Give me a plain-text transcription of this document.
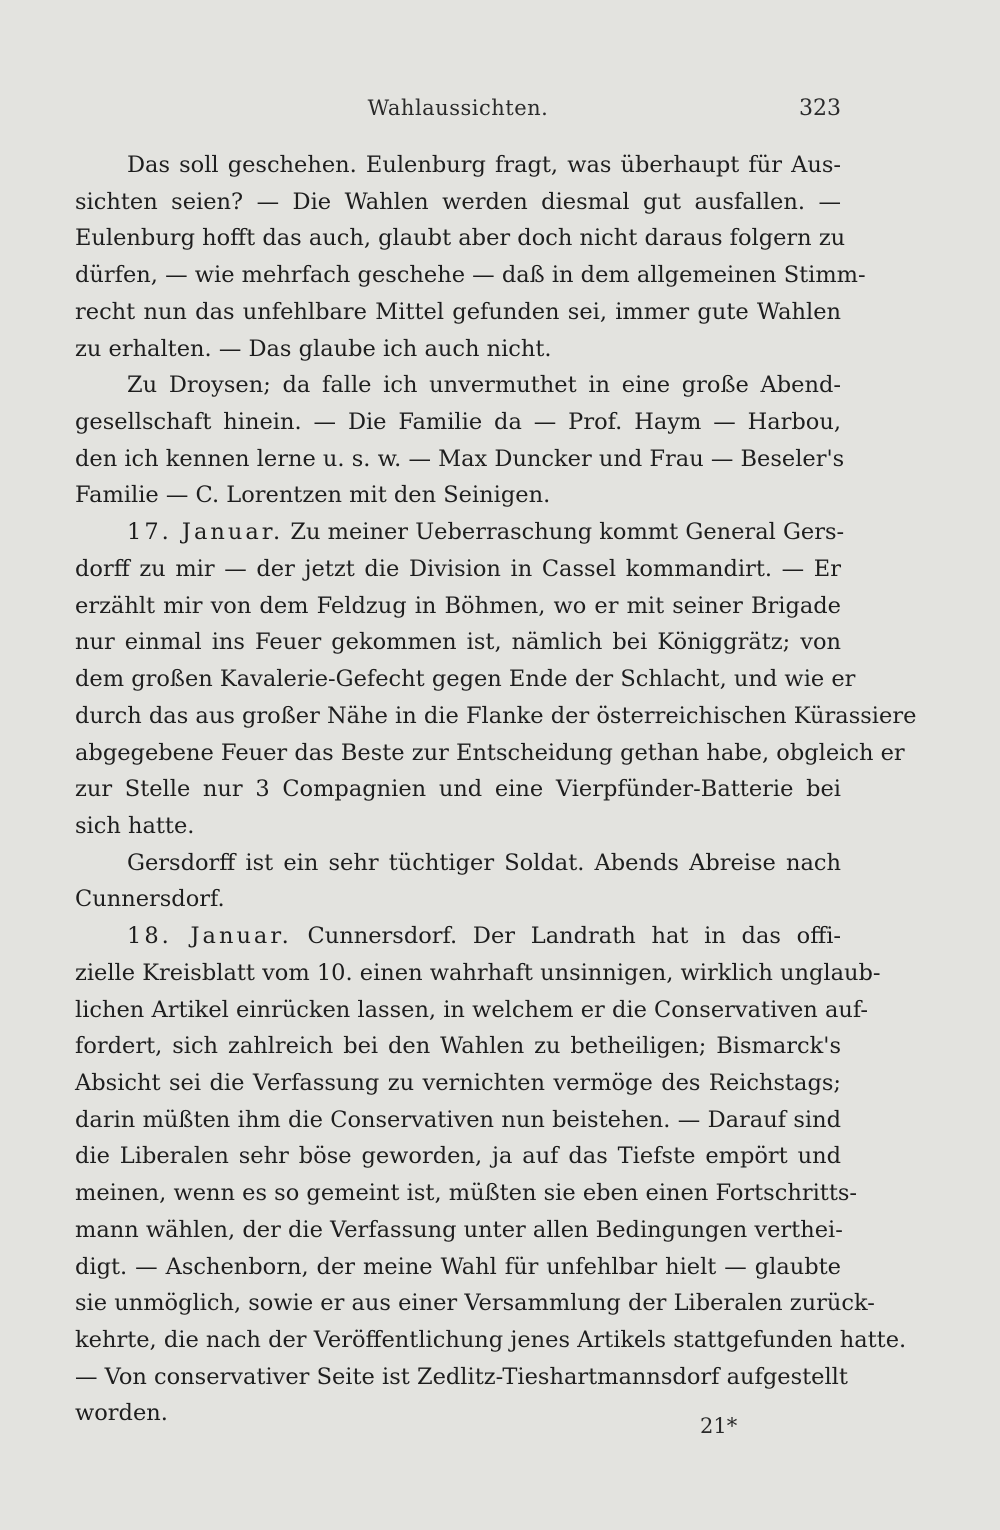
Wahlaussichten.	323
Das soll geschehen. Eulenburg fragt, was überhaupt für Aus-
sichten seien? — Die Wahlen werden diesmal gut ausfallen. —
Eulenburg hofft das auch, glaubt aber doch nicht daraus folgern zu
dürfen, — wie mehrfach geschehe — daß in dem allgemeinen Stimm-
recht nun das unfehlbare Mittel gefunden sei, immer gute Wahlen
zu erhalten. — Das glaube ich auch nicht.
Zu Droysen; da falle ich unvermuthet in eine große Abend-
gesellschaft hinein. — Die Familie da — Prof. Haym — Harbou,
den ich kennen lerne u. s. w. — Max Duncker und Frau — Beseler's
Familie — C. Lorentzen mit den Seinigen.
17. Januar. Zu meiner Ueberraschung kommt General Gers-
dorff zu mir — der jetzt die Division in Cassel kommandirt. — Er
erzählt mir von dem Feldzug in Böhmen, wo er mit seiner Brigade
nur einmal ins Feuer gekommen ist, nämlich bei Königgrätz; von
dem großen Kavalerie-Gefecht gegen Ende der Schlacht, und wie er
durch das aus großer Nähe in die Flanke der österreichischen Kürassiere
abgegebene Feuer das Beste zur Entscheidung gethan habe, obgleich er
zur Stelle nur 3 Compagnien und eine Vierpfünder-Batterie bei
sich hatte.
Gersdorff ist ein sehr tüchtiger Soldat. Abends Abreise nach
Cunnersdorf.
18. Januar. Cunnersdorf. Der Landrath hat in das offi-
zielle Kreisblatt vom 10. einen wahrhaft unsinnigen, wirklich unglaub-
lichen Artikel einrücken lassen, in welchem er die Conservativen auf-
fordert, sich zahlreich bei den Wahlen zu betheiligen; Bismarck's
Absicht sei die Verfassung zu vernichten vermöge des Reichstags;
darin müßten ihm die Conservativen nun beistehen. — Darauf sind
die Liberalen sehr böse geworden, ja auf das Tiefste empört und
meinen, wenn es so gemeint ist, müßten sie eben einen Fortschritts-
mann wählen, der die Verfassung unter allen Bedingungen verthei-
digt. — Aschenborn, der meine Wahl für unfehlbar hielt — glaubte
sie unmöglich, sowie er aus einer Versammlung der Liberalen zurück-
kehrte, die nach der Veröffentlichung jenes Artikels stattgefunden hatte.
— Von conservativer Seite ist Zedlitz-Tieshartmannsdorf aufgestellt
worden.	21*
